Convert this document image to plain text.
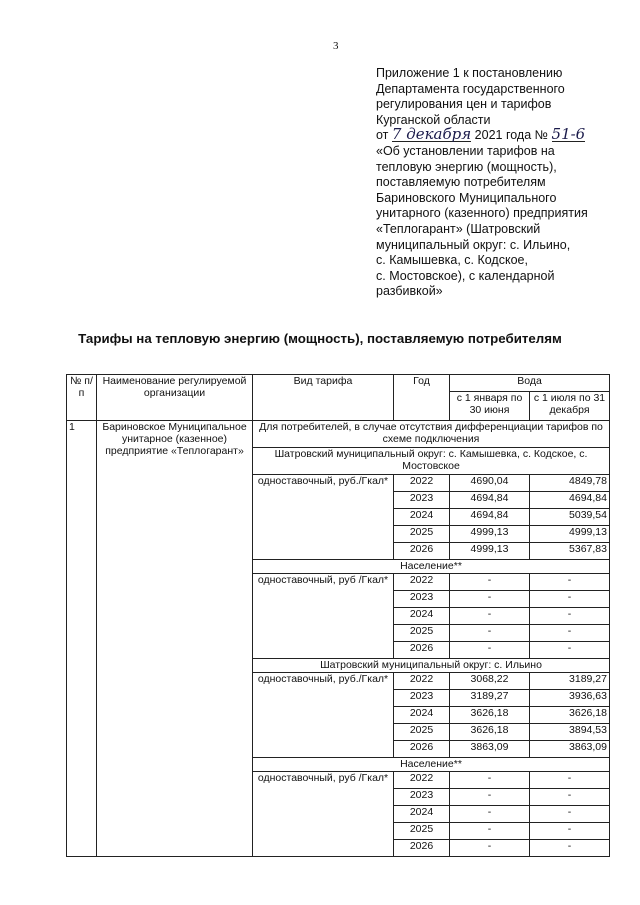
3
Приложение 1 к постановлению
Департамента государственного
регулирования цен и тарифов
Курганской области
от 7 декабря 2021 года № 51-6
«Об установлении тарифов на
тепловую энергию (мощность),
поставляемую потребителям
Бариновского Муниципального
унитарного (казенного) предприятия
«Теплогарант» (Шатровский
муниципальный округ: с. Ильино,
с. Камышевка, с. Кодское,
с. Мостовское), с календарной
разбивкой»
Тарифы на тепловую энергию (мощность), поставляемую потребителям
№ п/п	Наименование регулируемой организации	Вид тарифа	Год	Вода	
				с 1 января по 30 июня	с 1 июля по 31 декабря
1	Бариновское Муниципальное унитарное (казенное) предприятие «Теплогарант»	Для потребителей, в случае отсутствия дифференциации тарифов по схеме подключения			
		Шатровский муниципальный округ: с. Камышевка, с. Кодское, с. Мостовское			
		одноставочный, руб./Гкал*	2022	4690,04	4849,78
			2023	4694,84	4694,84
			2024	4694,84	5039,54
			2025	4999,13	4999,13
			2026	4999,13	5367,83
		Население**			
		одноставочный, руб /Гкал*	2022	-	-
			2023	-	-
			2024	-	-
			2025	-	-
			2026	-	-
		Шатровский муниципальный округ: с. Ильино			
		одноставочный, руб./Гкал*	2022	3068,22	3189,27
			2023	3189,27	3936,63
			2024	3626,18	3626,18
			2025	3626,18	3894,53
			2026	3863,09	3863,09
		Население**			
		одноставочный, руб /Гкал*	2022	-	-
			2023	-	-
			2024	-	-
			2025	-	-
			2026	-	-
